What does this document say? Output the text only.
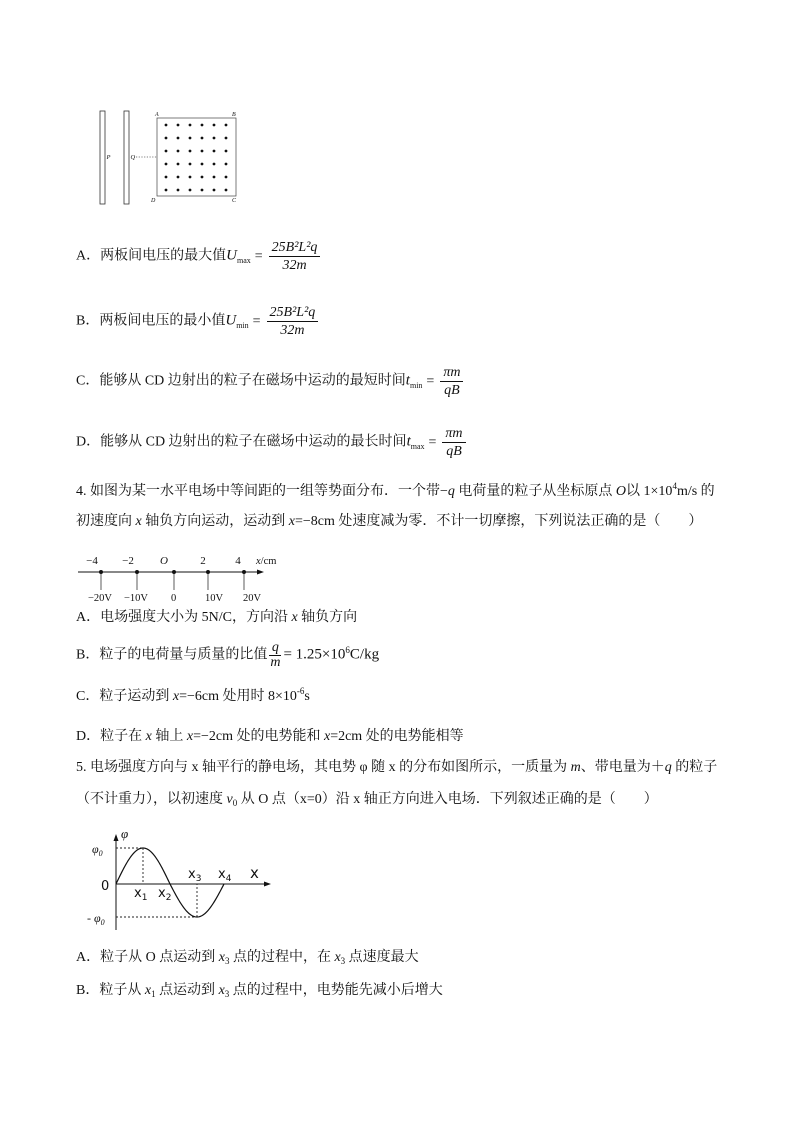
P	Q
A	B
D	C
A．两板间电压的最大值$U_{max} = \frac{\text{25B²L²q}}{32m}$
B．两板间电压的最小值$U_{min} = \frac{\text{25B²L²q}}{32m}$
C．能够从 CD 边射出的粒子在磁场中运动的最短时间$t_{min} = \frac{\pi m}{qB}$
D．能够从 CD 边射出的粒子在磁场中运动的最长时间$t_{max} = \frac{\pi m}{qB}$
4. 如图为某一水平电场中等间距的一组等势面分布．一个带−q 电荷量的粒子从坐标原点 O以 $1\times 10^4m/s$ 的
初速度向 x 轴负方向运动，运动到 x=−8cm 处速度减为零．不计一切摩擦，下列说法正确的是（　　）
−4 −2 O	2	4 x/cm
−20V −10V 0	10V 20V
A．电场强度大小为 5N/C，方向沿 x 轴负方向
B．粒子的电荷量与质量的比值 $\frac{q}{m} = 1.25\times 10^6C/kg$
C．粒子运动到 x=−6cm 处用时 $8\times 10^{-6}s$
D．粒子在 x 轴上 x=−2cm 处的电势能和 x=2cm 处的电势能相等
5. 电场强度方向与 x 轴平行的静电场，其电势 φ 随 x 的分布如图所示，一质量为 m、带电量为＋q 的粒子
（不计重力），以初速度 $v_0$ 从 O 点（x=0）沿 x 轴正方向进入电场．下列叙述正确的是（　　）
φ
$\varphi_0$
0
- $\varphi_0$
$x_1$ $x_2$
$x_3$ $x_4$ x
A．粒子从 O 点运动到 $x_3$ 点的过程中，在 $x_3$ 点速度最大
B．粒子从 $x_1$ 点运动到 $x_3$ 点的过程中，电势能先减小后增大
